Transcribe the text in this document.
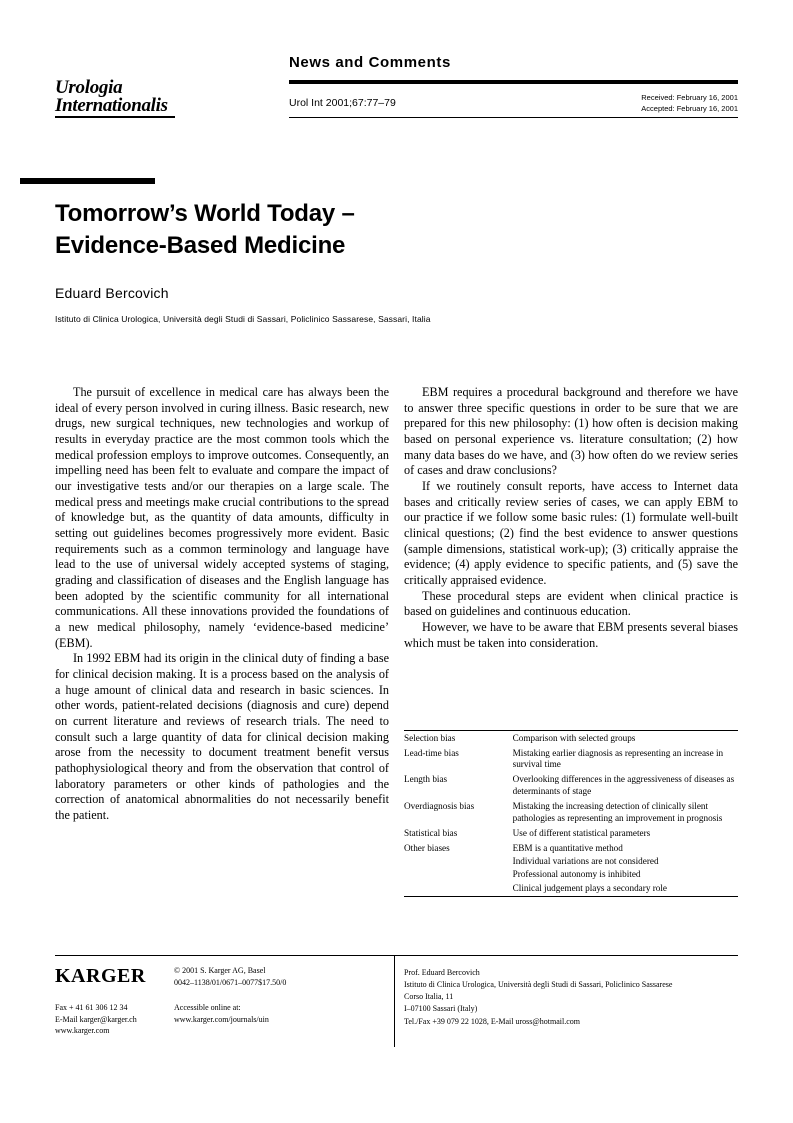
Urologia
Internationalis
News and Comments
Urol Int 2001;67:77–79	Received: February 16, 2001
Accepted: February 16, 2001
Tomorrow’s World Today –
Evidence-Based Medicine
Eduard Bercovich
Istituto di Clinica Urologica, Università degli Studi di Sassari, Policlinico Sassarese, Sassari, Italia

The pursuit of excellence in medical care has always been the ideal of every person involved in curing illness. Basic research, new drugs, new surgical techniques, new technologies and workup of results in everyday practice are the most common tools which the medical profession employs to improve outcomes. Consequently, an impelling need has been felt to evaluate and compare the impact of our investigative tests and/or our therapies on a large scale. The medical press and meetings make crucial contributions to the spread of knowledge but, as the quantity of data amounts, difficulty in setting out guidelines becomes progressively more evident. Basic requirements such as a common terminology and language have lead to the use of universal widely accepted systems of staging, grading and classification of diseases and the English language has been adopted by the scientific community for all international communications. All these innovations provided the foundations of a new medical philosophy, namely ‘evidence-based medicine’ (EBM).

In 1992 EBM had its origin in the clinical duty of finding a base for clinical decision making. It is a process based on the analysis of a huge amount of clinical data and research in basic sciences. In other words, patient-related decisions (diagnosis and cure) depend on current literature and reviews of research trials. The need to consult such a large quantity of data for clinical decision making arose from the necessity to document treatment benefit versus pathophysiological theory and from the observation that control of laboratory parameters or other kinds of pathologies and the correction of anatomical abnormalities do not necessarily benefit the patient.

EBM requires a procedural background and therefore we have to answer three specific questions in order to be sure that we are prepared for this new philosophy: (1) how often is decision making based on personal experience vs. literature consultation; (2) how many data bases do we have, and (3) how often do we review series of cases and draw conclusions?

If we routinely consult reports, have access to Internet data bases and critically review series of cases, we can apply EBM to our practice if we follow some basic rules: (1) formulate well-built clinical questions; (2) find the best evidence to answer questions (sample dimensions, statistical work-up); (3) critically appraise the evidence; (4) apply evidence to specific patients, and (5) save the critically appraised evidence.

These procedural steps are evident when clinical practice is based on guidelines and continuous education.

However, we have to be aware that EBM presents several biases which must be taken into consideration.

Selection bias	Comparison with selected groups
Lead-time bias	Mistaking earlier diagnosis as representing an increase in survival time
Length bias	Overlooking differences in the aggressiveness of diseases as determinants of stage
Overdiagnosis bias	Mistaking the increasing detection of clinically silent pathologies as representing an improvement in prognosis
Statistical bias	Use of different statistical parameters
Other biases	EBM is a quantitative method
	Individual variations are not considered
	Professional autonomy is inhibited
	Clinical judgement plays a secondary role
KARGER
Fax + 41 61 306 12 34
E-Mail karger@karger.ch
www.karger.com
© 2001 S. Karger AG, Basel
0042–1138/01/0671–0077$17.50/0
Accessible online at:
www.karger.com/journals/uin
Prof. Eduard Bercovich
Istituto di Clinica Urologica, Università degli Studi di Sassari, Policlinico Sassarese
Corso Italia, 11
I–07100 Sassari (Italy)
Tel./Fax +39 079 22 1028, E-Mail uross@hotmail.com
